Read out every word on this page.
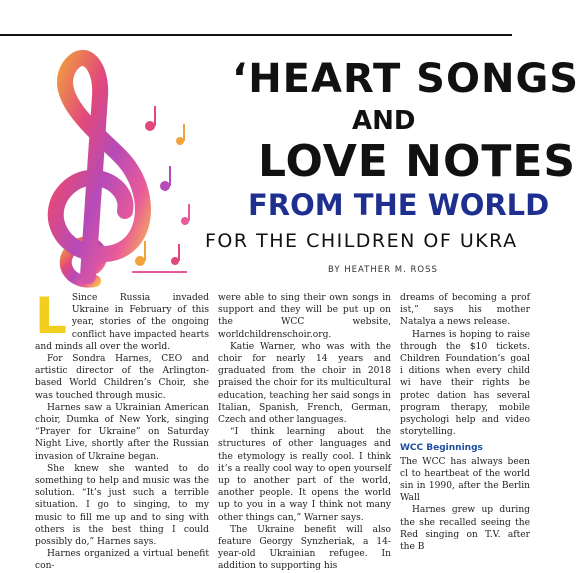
‘HEART SONGS
AND
LOVE NOTES
FROM THE WORLD
FOR THE CHILDREN OF UKRA
BY HEATHER M. ROSS
L Since Russia invaded Ukraine in February of this year, stories of the ongoing conflict have impacted hearts and minds all over the world.

For Sondra Harnes, CEO and artistic director of the Arlington-based World Children’s Choir, she was touched through music.

Harnes saw a Ukrainian American choir, Dumka of New York, singing “Prayer for Ukraine” on Saturday Night Live, shortly after the Russian invasion of Ukraine began.

She knew she wanted to do something to help and music was the solution. “It’s just such a terrible situation. I go to singing, to my music to fill me up and to sing with others is the best thing I could possibly do,” Harnes says.

Harnes organized a virtual benefit con-

were able to sing their own songs in support and they will be put up on the WCC website, worldchildrenschoir.org.

Katie Warner, who was with the choir for nearly 14 years and graduated from the choir in 2018 praised the choir for its multicultural education, teaching her said songs in Italian, Spanish, French, German, Czech and other languages.

“I think learning about the structures of other languages and the etymology is really cool. I think it’s a really cool way to open yourself up to another part of the world, another people. It opens the world up to you in a way I think not many other things can,” Warner says.

The Ukraine benefit will also feature Georgy Synzheriak, a 14-year-old Ukrainian refugee. In addition to supporting his

dreams of becoming a prof ist,” says his mother Natalya a news release.

Harnes is hoping to raise through the $10 tickets. Children Foundation’s goal i ditions when every child wi have their rights be protec dation has several program therapy, mobile psychologi help and video storytelling.

WCC Beginnings

The WCC has always been cl to heartbeat of the world sin in 1990, after the Berlin Wall

Harnes grew up during the she recalled seeing the Red singing on T.V. after the B
